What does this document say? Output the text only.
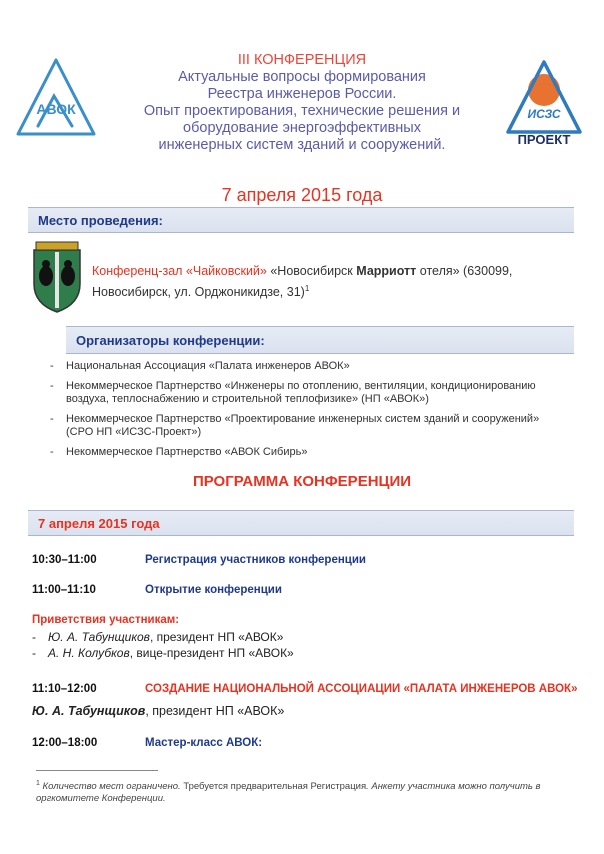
АВОК	ИСЗС
ПРОЕКТ
III КОНФЕРЕНЦИЯ
Актуальные вопросы формирования
Реестра инженеров России.
Опыт проектирования, технические решения и
оборудование энергоэффективных
инженерных систем зданий и сооружений.
7 апреля 2015 года
Место проведения:
Конференц-зал «Чайковский» «Новосибирск Марриотт отеля» (630099,
Новосибирск, ул. Орджоникидзе, 31)$^1$
Организаторы конференции:
- Национальная Ассоциация «Палата инженеров АВОК»
- Некоммерческое Партнерство «Инженеры по отоплению, вентиляции, кондиционированию воздуха, теплоснабжению и строительной теплофизике» (НП «АВОК»)
- Некоммерческое Партнерство «Проектирование инженерных систем зданий и сооружений» (СРО НП «ИСЗС-Проект»)
- Некоммерческое Партнерство «АВОК Сибирь»
ПРОГРАММА КОНФЕРЕНЦИИ
7 апреля 2015 года
10:30–11:00	Регистрация участников конференции
11:00–11:10	Открытие конференции
Приветствия участникам:
- Ю. А. Табунщиков, президент НП «АВОК»
- А. Н. Колубков, вице-президент НП «АВОК»
11:10–12:00	СОЗДАНИЕ НАЦИОНАЛЬНОЙ АССОЦИАЦИИ «ПАЛАТА ИНЖЕНЕРОВ АВОК»
Ю. А. Табунщиков, президент НП «АВОК»
12:00–18:00	Мастер-класс АВОК:
$^1$ Количество мест ограничено. Требуется предварительная Регистрация. Анкету участника можно получить в
оргкомитете Конференции.
